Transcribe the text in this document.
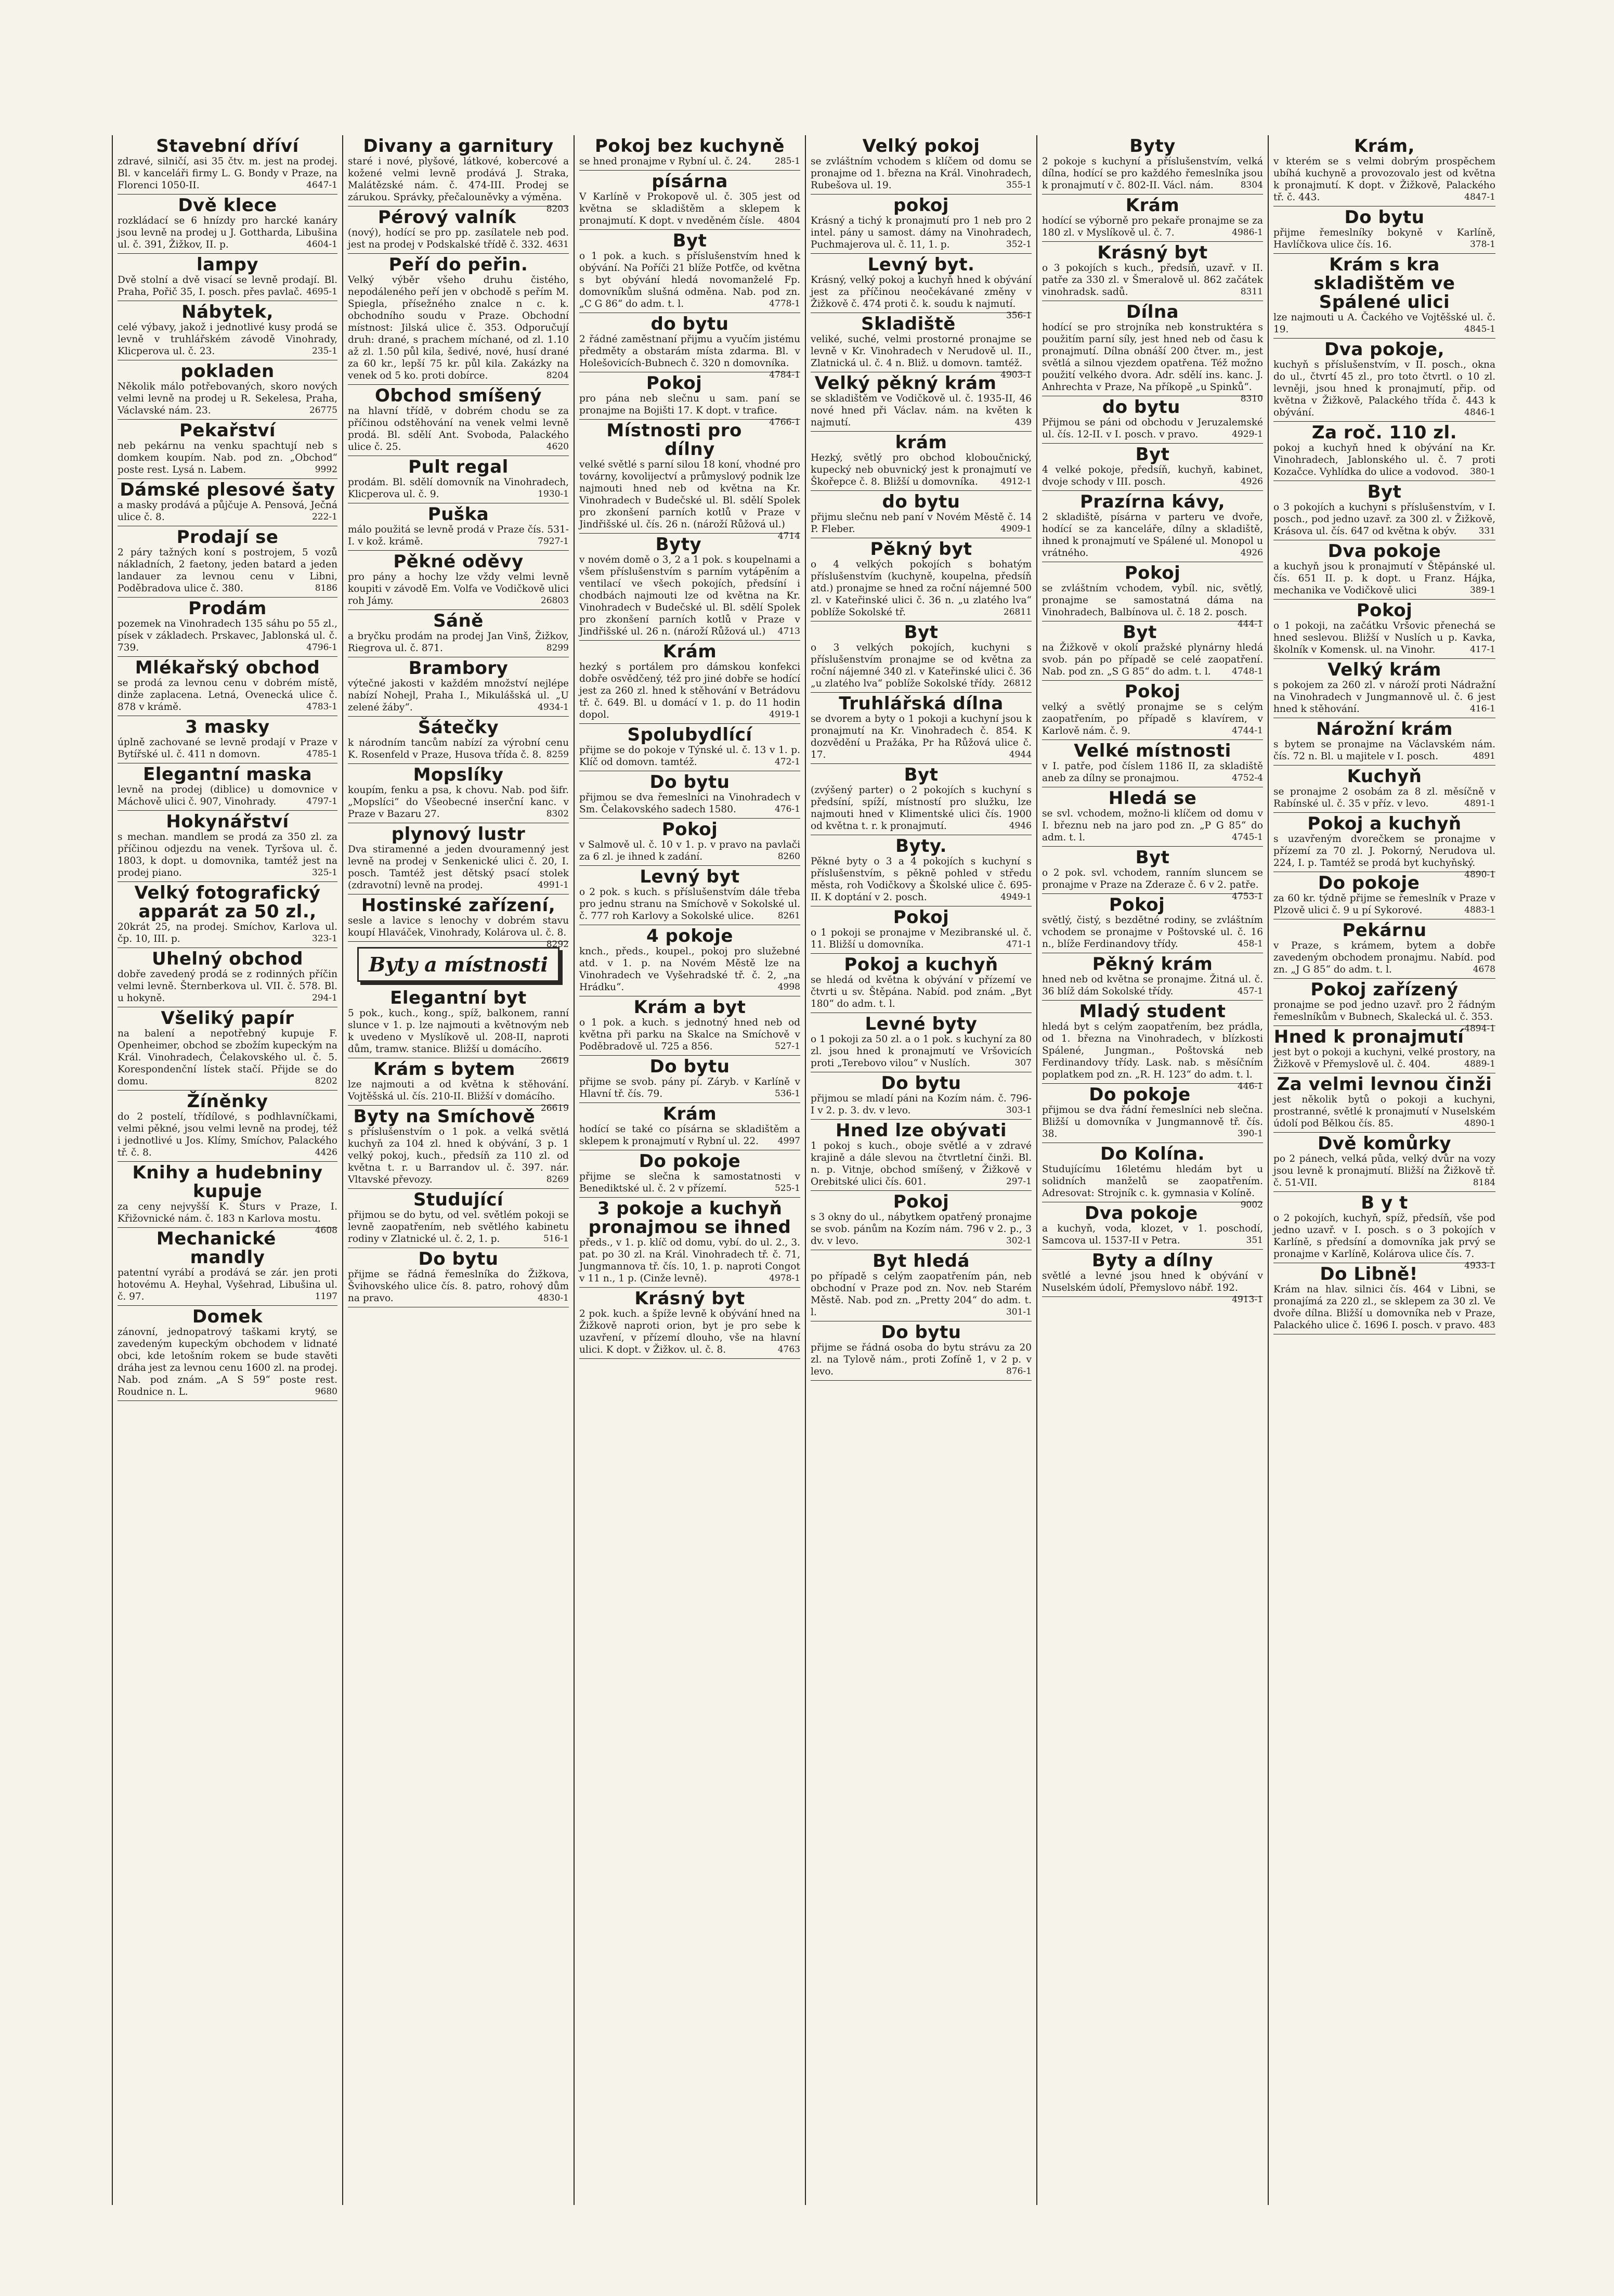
Stavební dříví
zdravé, silničí, asi 35 čtv. m. jest na prodej. Bl. v kanceláři firmy L. G. Bondy v Praze, na Florenci 1050-II.	4647-1
Dvě klece
rozkládací se 6 hnízdy pro harcké kanáry jsou levně na prodej u J. Gottharda, Libušina ul. č. 391, Žižkov, II. p.	4604-1
lampy
Dvě stolní a dvě visací se levně prodají. Bl. Praha, Pořič 35, I. posch. přes pavlač. 4695-1
Nábytek,
celé výbavy, jakož i jednotlivé kusy prodá se levně v truhlářském závodě Vinohrady, Klicperova ul. č. 23.	235-1
pokladen
Několik málo potřebovaných, skoro nových velmi levně na prodej u R. Sekelesa, Praha, Václavské nám. 23.	26775
Pekařství
neb pekárnu na venku spachtují neb s domkem koupím. Nab. pod zn. „Obchod“ poste rest. Lysá n. Labem.	9992
Dámské plesové šaty
a masky prodává a půjčuje A. Pensová, Ječná ulice č. 8.	222-1
Prodají se
2 páry tažných koní s postrojem, 5 vozů nákladních, 2 faetony, jeden batard a jeden landauer za levnou cenu v Libni, Poděbradova ulice č. 380.	8186
Prodám
pozemek na Vinohradech 135 sáhu po 55 zl., písek v základech. Prskavec, Jablonská ul. č. 739.	4796-1
Mlékařský obchod
se prodá za levnou cenu v dobrém místě, dinže zaplacena. Letná, Ovenecká ulice č. 878 v krámě.	4783-1
3 masky
úplně zachované se levně prodají v Praze v Bytířské ul. č. 411 n domovn.	4785-1
Elegantní maska
levně na prodej (diblice) u domovnice v Máchově ulici č. 907, Vinohrady.	4797-1
Hokynářství
s mechan. mandlem se prodá za 350 zl. za příčinou odjezdu na venek. Tyršova ul. č. 1803, k dopt. u domovnika, tamtéž jest na prodej piano.	325-1
Velký fotografický apparát za 50 zl.,
20krát 25, na prodej. Smíchov, Karlova ul. čp. 10, III. p.	323-1
Uhelný obchod
dobře zavedený prodá se z rodinných příčin velmi levně. Šternberkova ul. VII. č. 578. Bl. u hokyně.	294-1
Všeliký papír
na balení a nepotřebný kupuje F. Openheimer, obchod se zbožím kupeckým na Král. Vinohradech, Čelakovského ul. č. 5. Korespondenční lístek stačí. Přijde se do domu.	8202
Žíněnky
do 2 postelí, třídílové, s podhlavníčkami, velmi pěkné, jsou velmi levně na prodej, též i jednotlivé u Jos. Klímy, Smíchov, Palackého tř. č. 8.	4426
Knihy a hudebniny kupuje
za ceny nejvyšší K. Šturs v Praze, I. Křižovnické nám. č. 183 n Karlova mostu.
4608
Mechanické mandly
patentní vyrábí a prodává se zár. jen proti hotovému A. Heyhal, Vyšehrad, Libušina ul. č. 97.	1197
Domek
zánovní, jednopatrový taškami krytý, se zavedeným kupeckým obchodem v lidnaté obci, kde letošním rokem se bude stavěti dráha jest za levnou cenu 1600 zl. na prodej. Nab. pod znám. „A S 59“ poste rest. Roudnice n. L.	9680
Divany a garnitury
staré i nové, plyšové, látkové, kobercové a kožené velmi levně prodává J. Straka, Malátězské nám. č. 474-III. Prodej se zárukou. Správky, přečalouněvky a výměna.
8203
Pérový valník
(nový), hodící se pro pp. zasílatele neb pod. jest na prodej v Podskalské třídě č. 332. 4631
Peří do peřin.
Velký výběr všeho druhu čistého, nepodáleného peří jen v obchodě s peřím M. Spiegla, přísežného znalce n c. k. obchodního soudu v Praze. Obchodní místnost: Jilská ulice č. 353. Odporučují druh: drané, s prachem míchané, od zl. 1.10 až zl. 1.50 půl kila, šedivé, nové, husí drané za 60 kr., lepší 75 kr. půl kila. Zakázky na venek od 5 ko. proti dobírce.	8204
Obchod smíšený
na hlavní třídě, v dobrém chodu se za příčinou odstěhování na venek velmi levně prodá. Bl. sdělí Ant. Svoboda, Palackého ulice č. 25.	4620
Pult regal
prodám. Bl. sdělí domovník na Vinohradech, Klicperova ul. č. 9.	1930-1
Puška
málo použitá se levně prodá v Praze čís. 531-I. v kož. krámě.	7927-1
Pěkné oděvy
pro pány a hochy lze vždy velmi levně koupiti v závodě Em. Volfa ve Vodičkově ulici roh Jámy.	26803
Sáně
a bryčku prodám na prodej Jan Vinš, Žižkov, Riegrova ul. č. 871.	8299
Brambory
výtečné jakosti v každém množství nejlépe nabízí Nohejl, Praha I., Mikulášská ul. „U zelené žáby“.	4934-1
Šátečky
k národním tancům nabízí za výrobní cenu K. Rosenfeld v Praze, Husova třída č. 8. 8259
Mopslíky
koupím, fenku a psa, k chovu. Nab. pod šifr. „Mopslíci“ do Všeobecné inserční kanc. v Praze v Bazaru 27.	8302
plynový lustr
Dva stiramenné a jeden dvouramenný jest levně na prodej v Senkenické ulici č. 20, I. posch. Tamtéž jest dětský psací stolek (zdravotní) levně na prodej.	4991-1
Hostinské zařízení,
sesle a lavice s lenochy v dobrém stavu koupí Hlaváček, Vinohrady, Kolárova ul. č. 8.
8292
Byty a místnosti
Elegantní byt
5 pok., kuch., kong., spíž, balkonem, ranní slunce v 1. p. lze najmouti a květnovým neb k uvedeno v Myslíkově ul. 208-II, naproti dům, tramw. stanice. Bližší u domácího.
26619
Krám s bytem
lze najmouti a od května k stěhování. Vojtěšská ul. čís. 210-II. Bližší v domácího.
26619
Byty na Smíchově
s příslušenstvím o 1 pok. a velká světlá kuchyň za 104 zl. hned k obývání, 3 p. 1 velký pokoj, kuch., předsíň za 110 zl. od května t. r. u Barrandov ul. č. 397. nár. Vltavské převozy.	8269
Studující
přijmou se do bytu, od vel. světlém pokoji se levně zaopatřením, neb světlého kabinetu rodiny v Zlatnické ul. č. 2, 1. p.	516-1
Do bytu
přijme se řádná řemeslníka do Žižkova, Švihovského ulice čís. 8. patro, rohový dům na pravo.	4830-1
Pokoj bez kuchyně
se hned pronajme v Rybní ul. č. 24.	285-1
písárna
V Karlíně v Prokopově ul. č. 305 jest od května se skladištěm a sklepem k pronajmutí. K dopt. v nveděném čísle. 4804
Byt
o 1 pok. a kuch. s příslušenstvím hned k obývání. Na Poříči 21 blíže Potfče, od května s byt obývání hledá novomanželé Fp. domovníkům slušná odměna. Nab. pod zn. „C G 86“ do adm. t. l.	4778-1
do bytu
2 řádné zaměstnaní přijmu a vyučím jistému předměty a obstarám místa zdarma. Bl. v Holešovicích-Bubnech č. 320 n domovníka.
4784-1
Pokoj
pro pána neb slečnu u sam. paní se pronajme na Bojišti 17. K dopt. v trafice.
4766-1
Místnosti pro dílny
velké světlé s parní silou 18 koní, vhodné pro továrny, kovolijectví a průmyslový podnik lze najmouti hned neb od května na Kr. Vinohradech v Budečské ul. Bl. sdělí Spolek pro zkonšení parních kotlů v Praze v Jindřišské ul. čís. 26 n. (nároží Růžová ul.)
4714
Byty
v novém domě o 3, 2 a 1 pok. s koupelnami a všem příslušenstvím s parním vytápěním a ventilací ve všech pokojích, předsíní i chodbách najmouti lze od května na Kr. Vinohradech v Budečské ul. Bl. sdělí Spolek pro zkonšení parních kotlů v Praze v Jindřišské ul. 26 n. (nároží Růžová ul.) 4713
Krám
hezký s portálem pro dámskou konfekci dobře osvědčený, též pro jiné dobře se hodící jest za 260 zl. hned k stěhování v Betrádovu tř. č. 649. Bl. u domácí v 1. p. do 11 hodin dopol.	4919-1
Spolubydlící
přijme se do pokoje v Týnské ul. č. 13 v 1. p. Klíč od domovn. tamtéž.	472-1
Do bytu
přijmou se dva řemeslníci na Vinohradech v Sm. Čelakovského sadech 1580.	476-1
Pokoj
v Salmově ul. č. 10 v 1. p. v pravo na pavlači za 6 zl. je ihned k zadání.	8260
Levný byt
o 2 pok. s kuch. s příslušenstvím dále třeba pro jednu stranu na Smíchově v Sokolské ul. č. 777 roh Karlovy a Sokolské ulice.	8261
4 pokoje
knch., předs., koupel., pokoj pro služebné atd. v 1. p. na Novém Městě lze na Vinohradech ve Vyšehradské tř. č. 2, „na Hrádku“.	4998
Krám a byt
o 1 pok. a kuch. s jednotný hned neb od května při parku na Skalce na Smíchově v Poděbradově ul. 725 a 856.	527-1
Do bytu
přijme se svob. pány pí. Záryb. v Karlíně v Hlavní tř. čís. 79.	536-1
Krám
hodící se také co písárna se skladištěm a sklepem k pronajmutí v Rybní ul. 22. 4997
Do pokoje
přijme se slečna k samostatnosti v Benediktské ul. č. 2 v přízemí.	525-1
3 pokoje a kuchyň pronajmou se ihned
předs., v 1. p. klíč od domu, vybí. do ul. 2., 3. pat. po 30 zl. na Král. Vinohradech tř. č. 71, Jungmannova tř. čís. 10, 1. p. naproti Congot v 11 n., 1 p. (Cinže levně).	4978-1
Krásný byt
2 pok. kuch. a špíže levně k obývání hned na Žižkově naproti orion, byt je pro sebe k uzavření, v přízemí dlouho, vše na hlavní ulici. K dopt. v Žižkov. ul. č. 8.	4763
Velký pokoj
se zvláštním vchodem s klíčem od domu se pronajme od 1. března na Král. Vinohradech, Rubešova ul. 19.	355-1
pokoj
Krásný a tichý k pronajmutí pro 1 neb pro 2 intel. pány u samost. dámy na Vinohradech, Puchmajerova ul. č. 11, 1. p.	352-1
Levný byt.
Krásný, velký pokoj a kuchyň hned k obývání jest za příčinou neočekávané změny v Žižkově č. 474 proti č. k. soudu k najmutí.
356-1
Skladiště
veliké, suché, velmi prostorné pronajme se levně v Kr. Vinohradech v Nerudově ul. II., Zlatnická ul. č. 4 n. Bliž. u domovn. tamtéž.
4903-1
Velký pěkný krám
se skladištěm ve Vodičkově ul. č. 1935-II, 46 nové hned při Václav. nám. na květen k najmutí.	439
krám
Hezký, světlý pro obchod kloboučnický, kupecký neb obuvnický jest k pronajmutí ve Škořepce č. 8. Bližší u domovníka.	4912-1
do bytu
přijmu slečnu neb paní v Novém Městě č. 14 P. Fleber.	4909-1
Pěkný byt
o 4 velkých pokojích s bohatým příslušenstvím (kuchyně, koupelna, předsíň atd.) pronajme se hned za roční nájemné 500 zl. v Kateřinské ulici č. 36 n. „u zlatého lva“ poblíže Sokolské tř.	26811
Byt
o 3 velkých pokojích, kuchyni s příslušenstvím pronajme se od května za roční nájemné 340 zl. v Kateřinské ulici č. 36 „u zlatého lva“ poblíže Sokolské třídy. 26812
Truhlářská dílna
se dvorem a byty o 1 pokoji a kuchyní jsou k pronajmutí na Kr. Vinohradech č. 854. K dozvědění u Pražáka, Pr ha Růžová ulice č. 17.	4944
Byt
(zvýšený parter) o 2 pokojích s kuchyní s předsíní, spíží, místností pro služku, lze najmouti hned v Klimentské ulici čís. 1900 od května t. r. k pronajmutí.	4946
Byty.
Pěkné byty o 3 a 4 pokojích s kuchyní s příslušenstvím, s pěkně pohled v středu města, roh Vodičkovy a Školské ulice č. 695-II. K doptání v 2. posch.	4949-1
Pokoj
o 1 pokoji se pronajme v Mezibranské ul. č. 11. Bližší u domovníka.	471-1
Pokoj a kuchyň
se hledá od května k obývání v přízemí ve čtvrti u sv. Štěpána. Nabíd. pod znám. „Byt 180“ do adm. t. l.
Levné byty
o 1 pokoji za 50 zl. a o 1 pok. s kuchyní za 80 zl. jsou hned k pronajmutí ve Vršovicích proti „Terebovo vilou“ v Nuslích.	307
Do bytu
přijmou se mladí páni na Kozím nám. č. 796-I v 2. p. 3. dv. v levo.	303-1
Hned lze obývati
1 pokoj s kuch., oboje světlé a v zdravé krajině a dále slevou na čtvrtletní činži. Bl. n. p. Vitnje, obchod smíšený, v Žižkově v Orebitské ulici čís. 601.	297-1
Pokoj
s 3 okny do ul., nábytkem opatřený pronajme se svob. pánům na Kozím nám. 796 v 2. p., 3 dv. v levo.	302-1
Byt hledá
po případě s celým zaopatřením pán, neb obchodní v Praze pod zn. Nov. neb Starém Městě. Nab. pod zn. „Pretty 204“ do adm. t. l.	301-1
Do bytu
přijme se řádná osoba do bytu strávu za 20 zl. na Tylově nám., proti Zofíně 1, v 2 p. v levo.	876-1
Byty
2 pokoje s kuchyní a příslušenstvím, velká dílna, hodící se pro každého řemeslníka jsou k pronajmutí v č. 802-II. Václ. nám.	8304
Krám
hodící se výborně pro pekaře pronajme se za 180 zl. v Myslíkově ul. č. 7.	4986-1
Krásný byt
o 3 pokojích s kuch., předsíň, uzavř. v II. patře za 330 zl. v Šmeralově ul. 862 začátek vinohradsk. sadů.	8311
Dílna
hodící se pro strojníka neb konstruktéra s použitím parní síly, jest hned neb od času k pronajmutí. Dílna obnáší 200 čtver. m., jest světlá a silnou vjezdem opatřena. Též možno použití velkého dvora. Adr. sdělí ins. kanc. J. Anhrechta v Praze, Na příkopě „u Spinků“.
8310
do bytu
Přijmou se páni od obchodu v Jeruzalemské ul. čís. 12-II. v I. posch. v pravo.	4929-1
Byt
4 velké pokoje, předsíň, kuchyň, kabinet, dvoje schody v III. posch.	4926
Prazírna kávy,
2 skladiště, písárna v parteru ve dvoře, hodící se za kanceláře, dílny a skladiště, ihned k pronajmutí ve Spálené ul. Monopol u vrátného.	4926
Pokoj
se zvláštním vchodem, vybíl. nic, světlý, pronajme se samostatná dáma na Vinohradech, Balbínova ul. č. 18 2. posch.
444-1
Byt
na Žižkově v okolí pražské plynárny hledá svob. pán po případě se celé zaopatření. Nab. pod zn. „S G 85“ do adm. t. l. 4748-1
Pokoj
velký a světlý pronajme se s celým zaopatřením, po případě s klavírem, v Karlově nám. č. 9.	4744-1
Velké místnosti
v I. patře, pod číslem 1186 II, za skladiště aneb za dílny se pronajmou.	4752-4
Hledá se
se svl. vchodem, možno-li klíčem od domu v I. březnu neb na jaro pod zn. „P G 85“ do adm. t. l.	4745-1
Byt
o 2 pok. svl. vchodem, ranním sluncem se pronajme v Praze na Zderaze č. 6 v 2. patře.
4753-1
Pokoj
světlý, čistý, s bezdětné rodiny, se zvláštním vchodem se pronajme v Poštovské ul. č. 16 n., blíže Ferdinandovy třídy.	458-1
Pěkný krám
hned neb od května se pronajme. Žitná ul. č. 36 blíž dám Sokolské třídy.	457-1
Mladý student
hledá byt s celým zaopatřením, bez prádla, od 1. března na Vinohradech, v blízkosti Spálené, Jungman., Poštovská neb Ferdinandovy třídy. Lask. nab. s měsíčním poplatkem pod zn. „R. H. 123“ do adm. t. l.
446-1
Do pokoje
přijmou se dva řádní řemeslníci neb slečna. Bližší u domovníka v Jungmannově tř. čís. 38.	390-1
Do Kolína.
Studujícímu 16letému hledám byt u solidních manželů se zaopatřením. Adresovat: Strojník c. k. gymnasia v Kolíně.
9002
Dva pokoje
a kuchyň, voda, klozet, v 1. poschodí, Samcova ul. 1537-II v Petra.	351
Byty a dílny
světlé a levné jsou hned k obývání v Nuselském údolí, Přemyslovo nábř. 192.
4913-1
Krám,
v kterém se s velmi dobrým prospěchem ubíhá kuchyně a provozovalo jest od května k pronajmutí. K dopt. v Žižkově, Palackého tř. č. 443.	4847-1
Do bytu
přijme řemeslníky bokyně v Karlíně, Havlíčkova ulice čís. 16.	378-1
Krám s kra skladištěm ve Spálené ulici
lze najmouti u A. Čackého ve Vojtěšské ul. č. 19.	4845-1
Dva pokoje,
kuchyň s příslušenstvím, v II. posch., okna do ul., čtvrtí 45 zl., pro toto čtvrtl. o 10 zl. levněji, jsou hned k pronajmutí, přip. od května v Žižkově, Palackého třída č. 443 k obývání.	4846-1
Za roč. 110 zl.
pokoj a kuchyň hned k obývání na Kr. Vinohradech, Jablonského ul. č. 7 proti Kozačce. Vyhlídka do ulice a vodovod. 380-1
Byt
o 3 pokojích a kuchyni s příslušenstvím, v I. posch., pod jedno uzavř. za 300 zl. v Žižkově, Krásova ul. čís. 647 od května k obýv. 331
Dva pokoje
a kuchyň jsou k pronajmutí v Štěpánské ul. čís. 651 II. p. k dopt. u Franz. Hájka, mechanika ve Vodičkově ulici	389-1
Pokoj
o 1 pokoji, na začátku Vršovic přenechá se hned seslevou. Bližší v Nuslích u p. Kavka, školník v Komensk. ul. na Vinohr.	417-1
Velký krám
s pokojem za 260 zl. v nároží proti Nádražní na Vinohradech v Jungmannově ul. č. 6 jest hned k stěhování.	416-1
Nárožní krám
s bytem se pronajme na Václavském nám. čís. 72 n. Bl. u majitele v I. posch.	4891
Kuchyň
se pronajme 2 osobám za 8 zl. měsíčně v Rabínské ul. č. 35 v příz. v levo.	4891-1
Pokoj a kuchyň
s uzavřeným dvorečkem se pronajme v přízemí za 70 zl. J. Pokorný, Nerudova ul. 224, I. p. Tamtéž se prodá byt kuchyňský.
4890-1
Do pokoje
za 60 kr. týdně přijme se řemeslník v Praze v Plzově ulici č. 9 u pí Sykorové.	4883-1
Pekárnu
v Praze, s krámem, bytem a dobře zavedeným obchodem pronajmu. Nabíd. pod zn. „J G 85“ do adm. t. l.	4678
Pokoj zařízený
pronajme se pod jedno uzavř. pro 2 řádným řemeslníkům v Bubnech, Skalecká ul. č. 353.
4894-1
Hned k pronajmutí
jest byt o pokoji a kuchyni, velké prostory, na Žižkově v Přemyslově ul. č. 404.	4889-1
Za velmi levnou činži
jest několik bytů o pokoji a kuchyni, prostranné, světlé k pronajmutí v Nuselském údolí pod Bělkou čís. 85.	4890-1
Dvě komůrky
po 2 pánech, velká půda, velký dvůr na vozy jsou levně k pronajmutí. Bližší na Žižkově tř. č. 51-VII.	8184
B y t
o 2 pokojích, kuchyň, spíž, předsíň, vše pod jedno uzavř. v I. posch. s o 3 pokojích v Karlíně, s předsíní a domovníka jak prvý se pronajme v Karlíně, Kolárova ulice čís. 7.
4933-1
Do Libně!
Krám na hlav. silnici čís. 464 v Libni, se pronajímá za 220 zl., se sklepem za 30 zl. Ve dvoře dílna. Bližší u domovníka neb v Praze, Palackého ulice č. 1696 I. posch. v pravo. 483
